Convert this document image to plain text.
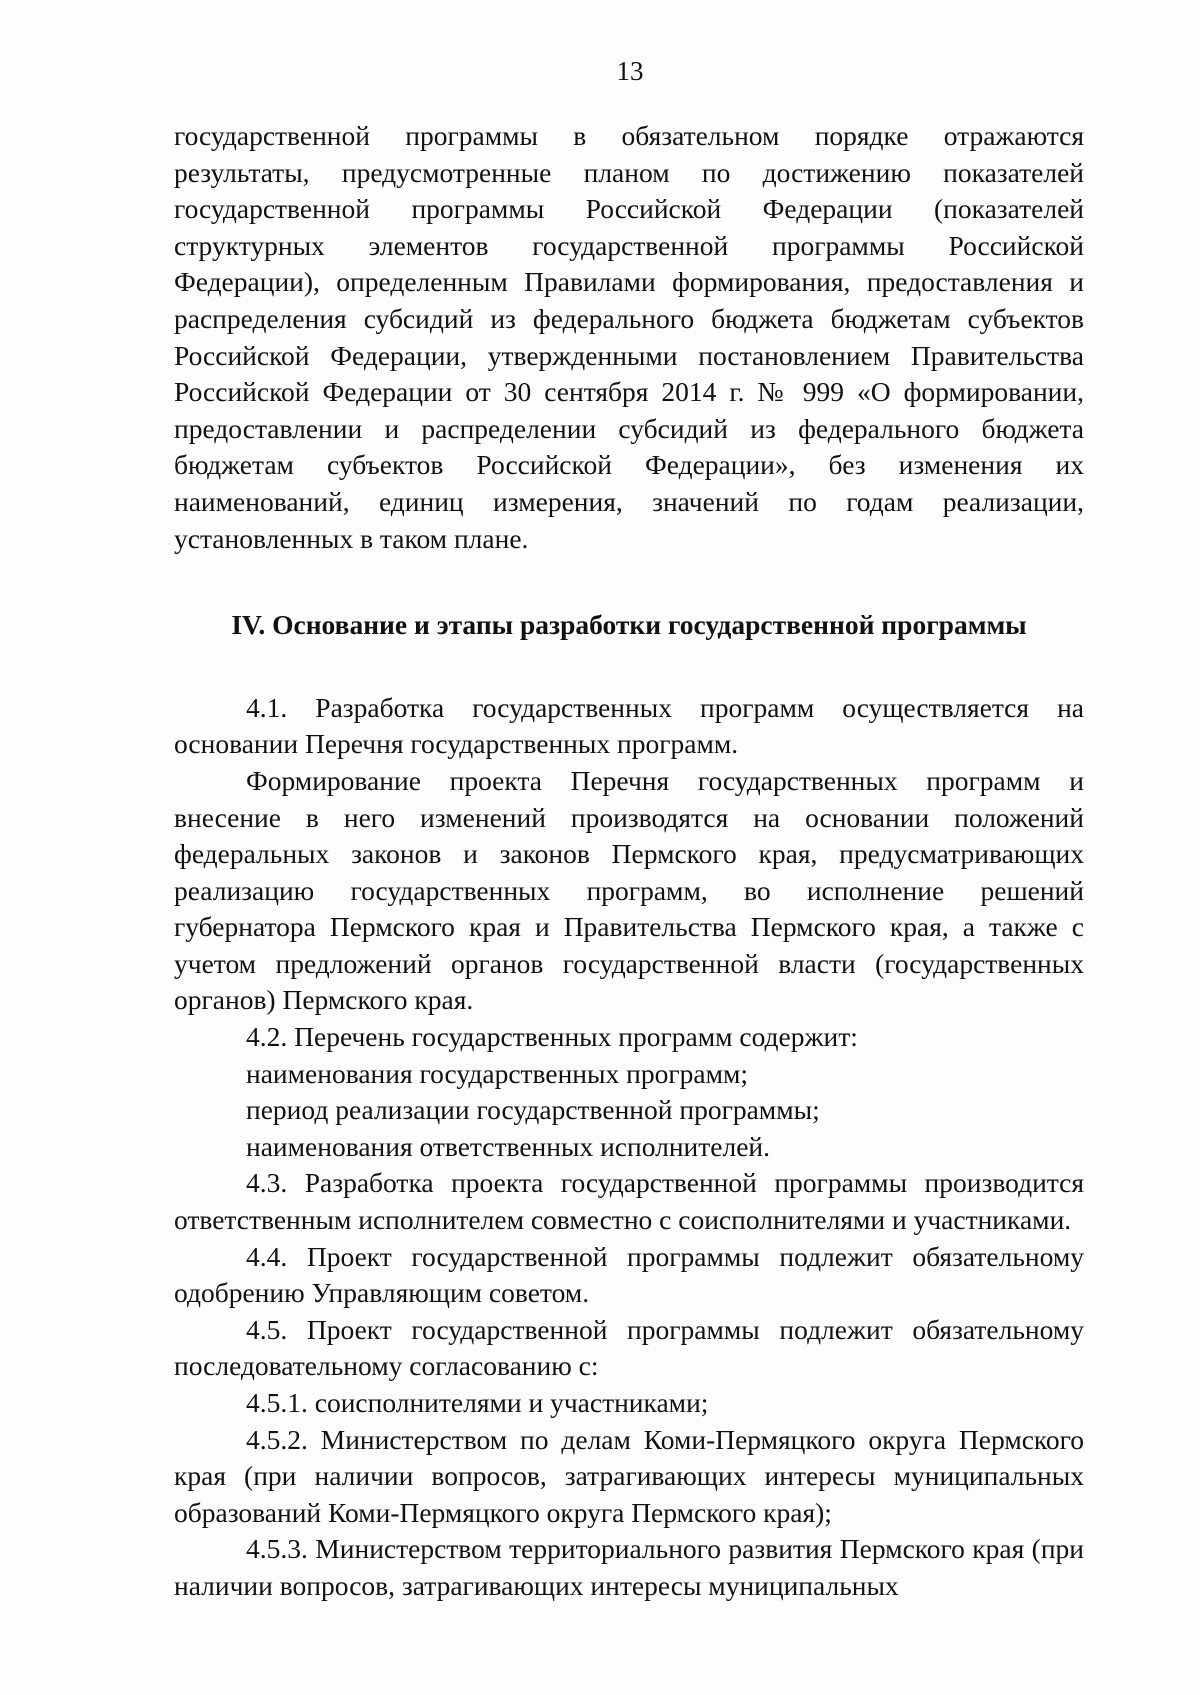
13

государственной программы в обязательном порядке отражаются результаты, предусмотренные планом по достижению показателей государственной программы Российской Федерации (показателей структурных элементов государственной программы Российской Федерации), определенным Правилами формирования, предоставления и распределения субсидий из федерального бюджета бюджетам субъектов Российской Федерации, утвержденными постановлением Правительства Российской Федерации от 30 сентября 2014 г. № 999 «О формировании, предоставлении и распределении субсидий из федерального бюджета бюджетам субъектов Российской Федерации», без изменения их наименований, единиц измерения, значений по годам реализации, установленных в таком плане.

IV. Основание и этапы разработки государственной программы

4.1. Разработка государственных программ осуществляется на основании Перечня государственных программ.

Формирование проекта Перечня государственных программ и внесение в него изменений производятся на основании положений федеральных законов и законов Пермского края, предусматривающих реализацию государственных программ, во исполнение решений губернатора Пермского края и Правительства Пермского края, а также с учетом предложений органов государственной власти (государственных органов) Пермского края.

4.2. Перечень государственных программ содержит:

наименования государственных программ;

период реализации государственной программы;

наименования ответственных исполнителей.

4.3. Разработка проекта государственной программы производится ответственным исполнителем совместно с соисполнителями и участниками.

4.4. Проект государственной программы подлежит обязательному одобрению Управляющим советом.

4.5. Проект государственной программы подлежит обязательному последовательному согласованию с:

4.5.1. соисполнителями и участниками;

4.5.2. Министерством по делам Коми-Пермяцкого округа Пермского края (при наличии вопросов, затрагивающих интересы муниципальных образований Коми-Пермяцкого округа Пермского края);

4.5.3. Министерством территориального развития Пермского края (при наличии вопросов, затрагивающих интересы муниципальных
